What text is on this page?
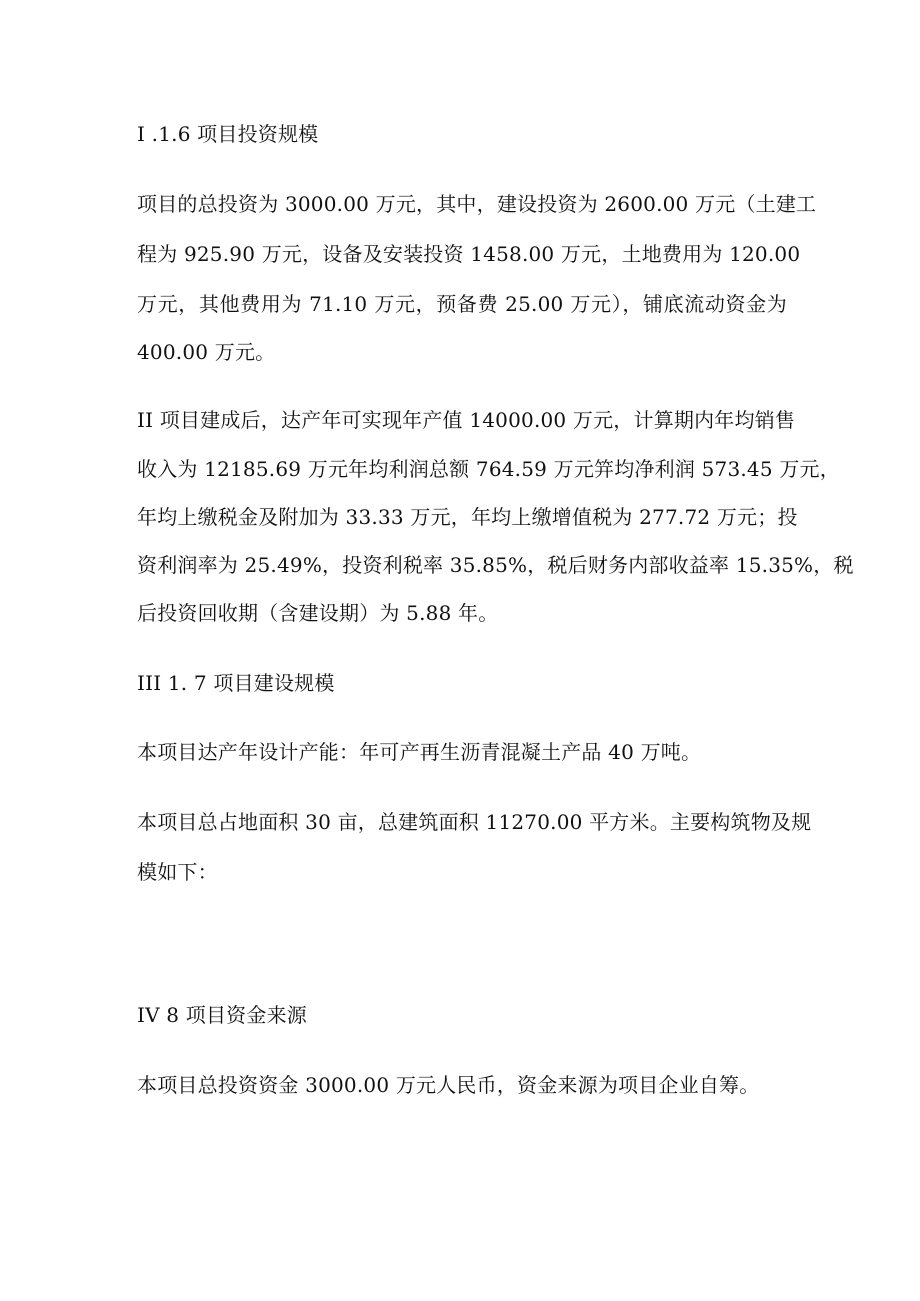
I .1.6 项目投资规模
项目的总投资为 3000.00 万元，其中，建设投资为 2600.00 万元（土建工
程为 925.90 万元，设备及安装投资 1458.00 万元，土地费用为 120.00
万元，其他费用为 71.10 万元，预备费 25.00 万元），铺底流动资金为
400.00 万元。
II 项目建成后，达产年可实现年产值 14000.00 万元，计算期内年均销售
收入为 12185.69 万元年均利润总额 764.59 万元笄均净利润 573.45 万元，
年均上缴税金及附加为 33.33 万元，年均上缴增值税为 277.72 万元；投
资利润率为 25.49%，投资利税率 35.85%，税后财务内部收益率 15.35%，税
后投资回收期（含建设期）为 5.88 年。
III 1. 7 项目建设规模
本项目达产年设计产能：年可产再生沥青混凝土产品 40 万吨。
本项目总占地面积 30 亩，总建筑面积 11270.00 平方米。主要构筑物及规
模如下：
IV 8 项目资金来源
本项目总投资资金 3000.00 万元人民币，资金来源为项目企业自筹。
